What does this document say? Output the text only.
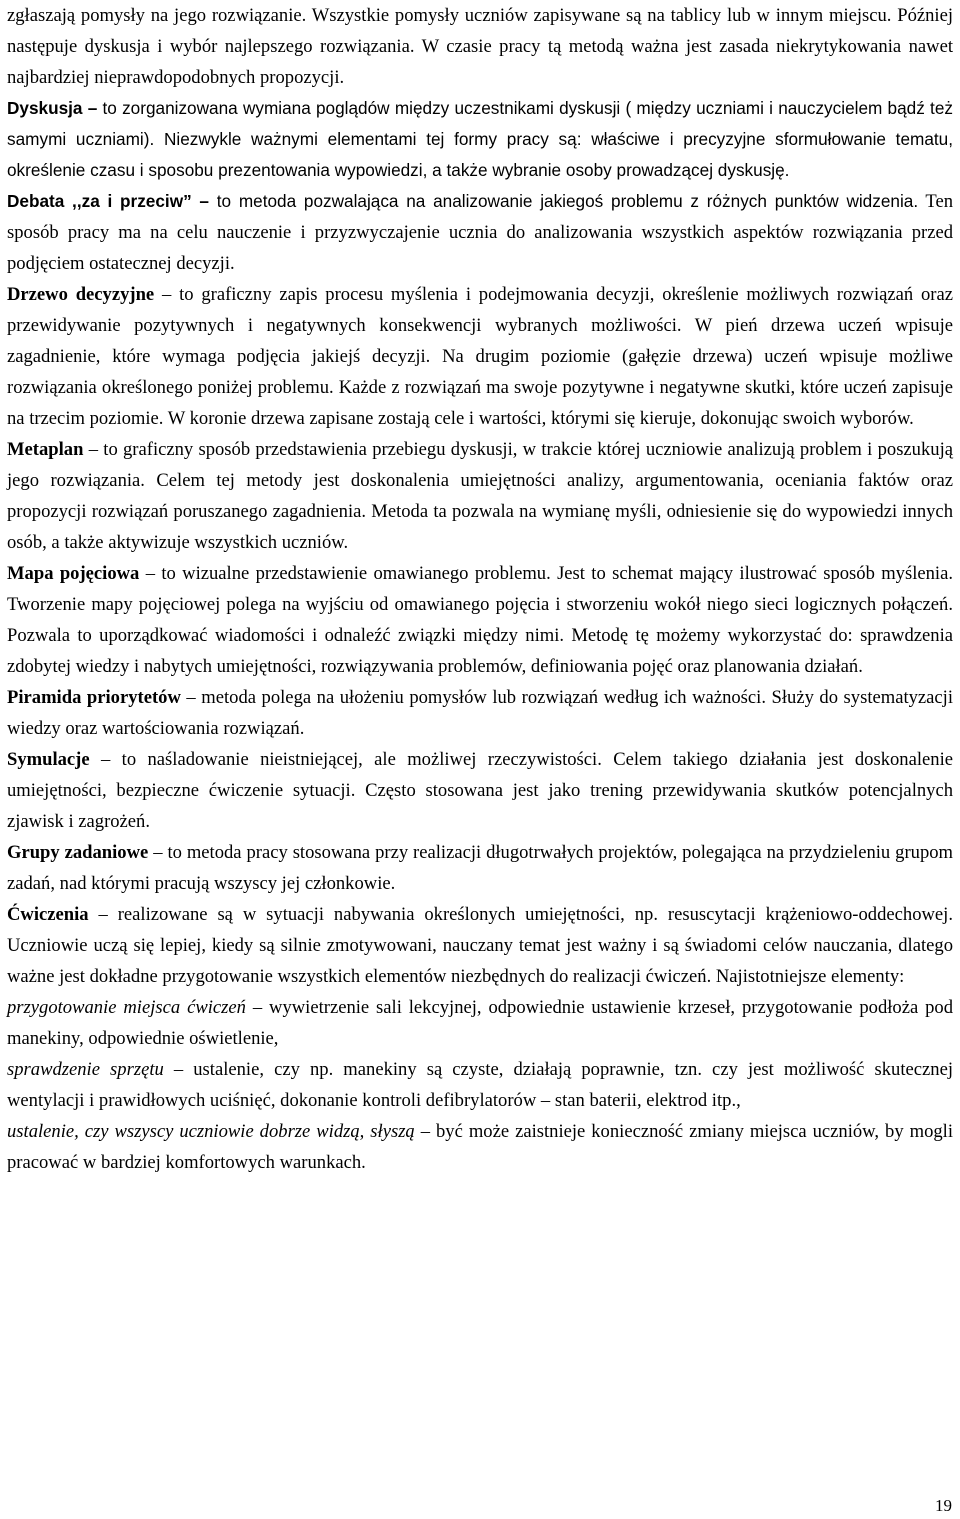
zgłaszają pomysły na jego rozwiązanie. Wszystkie pomysły uczniów zapisywane są na tablicy lub w innym miejscu. Później następuje dyskusja i wybór najlepszego rozwiązania. W czasie pracy tą metodą ważna jest zasada niekrytykowania nawet najbardziej nieprawdopodobnych propozycji.

Dyskusja – to zorganizowana wymiana poglądów między uczestnikami dyskusji ( między uczniami i nauczycielem bądź też samymi uczniami). Niezwykle ważnymi elementami tej formy pracy są: właściwe i precyzyjne sformułowanie tematu, określenie czasu i sposobu prezentowania wypowiedzi, a także wybranie osoby prowadzącej dyskusję.

Debata ,,za i przeciw” – to metoda pozwalająca na analizowanie jakiegoś problemu z różnych punktów widzenia. Ten sposób pracy ma na celu nauczenie i przyzwyczajenie ucznia do analizowania wszystkich aspektów rozwiązania przed podjęciem ostatecznej decyzji.

Drzewo decyzyjne – to graficzny zapis procesu myślenia i podejmowania decyzji, określenie możliwych rozwiązań oraz przewidywanie pozytywnych i negatywnych konsekwencji wybranych możliwości. W pień drzewa uczeń wpisuje zagadnienie, które wymaga podjęcia jakiejś decyzji. Na drugim poziomie (gałęzie drzewa) uczeń wpisuje możliwe rozwiązania określonego poniżej problemu. Każde z rozwiązań ma swoje pozytywne i negatywne skutki, które uczeń zapisuje na trzecim poziomie. W koronie drzewa zapisane zostają cele i wartości, którymi się kieruje, dokonując swoich wyborów.

Metaplan – to graficzny sposób przedstawienia przebiegu dyskusji, w trakcie której uczniowie analizują problem i poszukują jego rozwiązania. Celem tej metody jest doskonalenia umiejętności analizy, argumentowania, oceniania faktów oraz propozycji rozwiązań poruszanego zagadnienia. Metoda ta pozwala na wymianę myśli, odniesienie się do wypowiedzi innych osób, a także aktywizuje wszystkich uczniów.

Mapa pojęciowa – to wizualne przedstawienie omawianego problemu. Jest to schemat mający ilustrować sposób myślenia. Tworzenie mapy pojęciowej polega na wyjściu od omawianego pojęcia i stworzeniu wokół niego sieci logicznych połączeń. Pozwala to uporządkować wiadomości i odnaleźć związki między nimi. Metodę tę możemy wykorzystać do: sprawdzenia zdobytej wiedzy i nabytych umiejętności, rozwiązywania problemów, definiowania pojęć oraz planowania działań.

Piramida priorytetów – metoda polega na ułożeniu pomysłów lub rozwiązań według ich ważności. Służy do systematyzacji wiedzy oraz wartościowania rozwiązań.

Symulacje – to naśladowanie nieistniejącej, ale możliwej rzeczywistości. Celem takiego działania jest doskonalenie umiejętności, bezpieczne ćwiczenie sytuacji. Często stosowana jest jako trening przewidywania skutków potencjalnych zjawisk i zagrożeń.

Grupy zadaniowe – to metoda pracy stosowana przy realizacji długotrwałych projektów, polegająca na przydzieleniu grupom zadań, nad którymi pracują wszyscy jej członkowie.

Ćwiczenia – realizowane są w sytuacji nabywania określonych umiejętności, np. resuscytacji krążeniowo-oddechowej. Uczniowie uczą się lepiej, kiedy są silnie zmotywowani, nauczany temat jest ważny i są świadomi celów nauczania, dlatego ważne jest dokładne przygotowanie wszystkich elementów niezbędnych do realizacji ćwiczeń. Najistotniejsze elementy:

przygotowanie miejsca ćwiczeń – wywietrzenie sali lekcyjnej, odpowiednie ustawienie krzeseł, przygotowanie podłoża pod manekiny, odpowiednie oświetlenie,

sprawdzenie sprzętu – ustalenie, czy np. manekiny są czyste, działają poprawnie, tzn. czy jest możliwość skutecznej wentylacji i prawidłowych uciśnięć, dokonanie kontroli defibrylatorów – stan baterii, elektrod itp.,

ustalenie, czy wszyscy uczniowie dobrze widzą, słyszą – być może zaistnieje konieczność zmiany miejsca uczniów, by mogli pracować w bardziej komfortowych warunkach.

19
